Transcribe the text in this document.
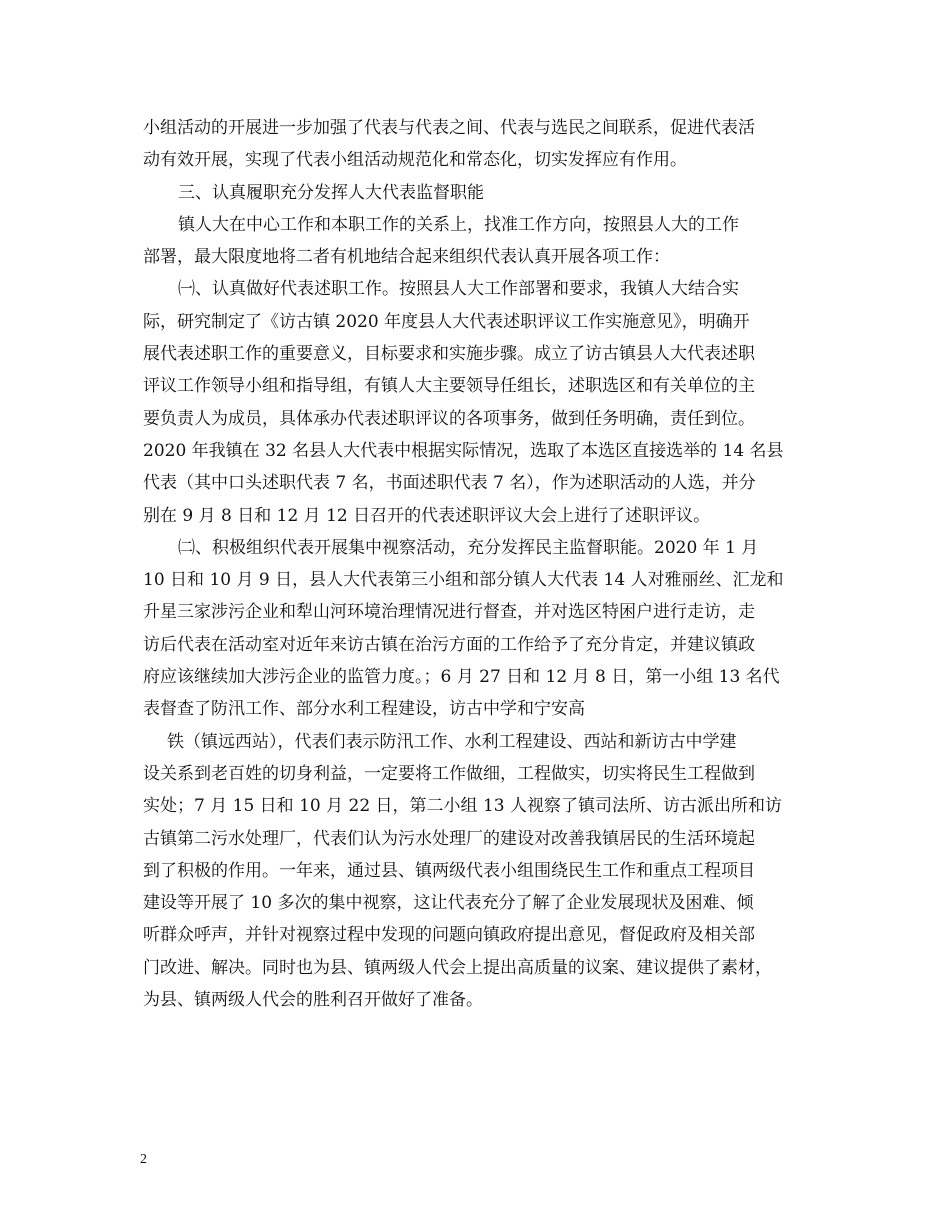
小组活动的开展进一步加强了代表与代表之间、代表与选民之间联系，促进代表活
动有效开展，实现了代表小组活动规范化和常态化，切实发挥应有作用。
三、认真履职充分发挥人大代表监督职能
镇人大在中心工作和本职工作的关系上，找准工作方向，按照县人大的工作
部署，最大限度地将二者有机地结合起来组织代表认真开展各项工作：
㈠、认真做好代表述职工作。按照县人大工作部署和要求，我镇人大结合实
际，研究制定了《访古镇 2020 年度县人大代表述职评议工作实施意见》，明确开
展代表述职工作的重要意义，目标要求和实施步骤。成立了访古镇县人大代表述职
评议工作领导小组和指导组，有镇人大主要领导任组长，述职选区和有关单位的主
要负责人为成员，具体承办代表述职评议的各项事务，做到任务明确，责任到位。
2020 年我镇在 32 名县人大代表中根据实际情况，选取了本选区直接选举的 14 名县
代表（其中口头述职代表 7 名，书面述职代表 7 名），作为述职活动的人选，并分
别在 9 月 8 日和 12 月 12 日召开的代表述职评议大会上进行了述职评议。
㈡、积极组织代表开展集中视察活动，充分发挥民主监督职能。2020 年 1 月
10 日和 10 月 9 日，县人大代表第三小组和部分镇人大代表 14 人对雅丽丝、汇龙和
升星三家涉污企业和犁山河环境治理情况进行督查，并对选区特困户进行走访，走
访后代表在活动室对近年来访古镇在治污方面的工作给予了充分肯定，并建议镇政
府应该继续加大涉污企业的监管力度。；6 月 27 日和 12 月 8 日，第一小组 13 名代
表督查了防汛工作、部分水利工程建设，访古中学和宁安高
铁（镇远西站），代表们表示防汛工作、水利工程建设、西站和新访古中学建
设关系到老百姓的切身利益，一定要将工作做细，工程做实，切实将民生工程做到
实处；7 月 15 日和 10 月 22 日，第二小组 13 人视察了镇司法所、访古派出所和访
古镇第二污水处理厂，代表们认为污水处理厂的建设对改善我镇居民的生活环境起
到了积极的作用。一年来，通过县、镇两级代表小组围绕民生工作和重点工程项目
建设等开展了 10 多次的集中视察，这让代表充分了解了企业发展现状及困难、倾
听群众呼声，并针对视察过程中发现的问题向镇政府提出意见，督促政府及相关部
门改进、解决。同时也为县、镇两级人代会上提出高质量的议案、建议提供了素材，
为县、镇两级人代会的胜利召开做好了准备。
2
